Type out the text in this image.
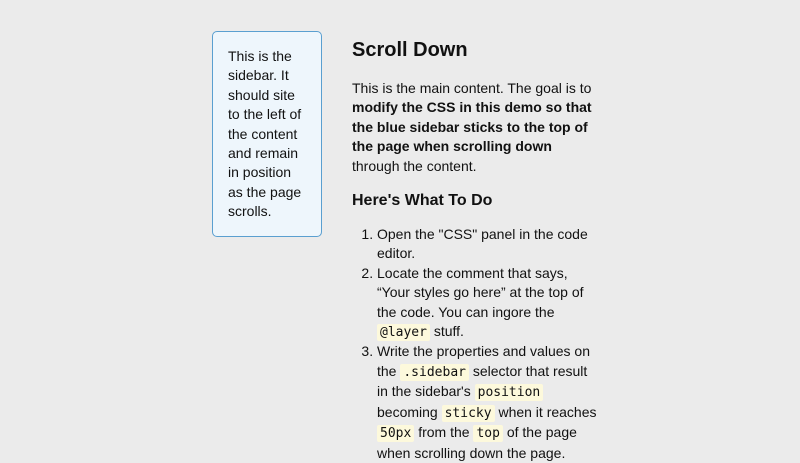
This is the sidebar. It should site to the left of the content and remain in position as the page scrolls.

Scroll Down

This is the main content. The goal is to modify the CSS in this demo so that the blue sidebar sticks to the top of the page when scrolling down through the content.

Here's What To Do
1. Open the "CSS" panel in the code editor.
2. Locate the comment that says, “Your styles go here” at the top of the code. You can ingore the @layer stuff.
3. Write the properties and values on the .sidebar selector that result in the sidebar's position becoming sticky when it reaches 50px from the top of the page when scrolling down the page.
